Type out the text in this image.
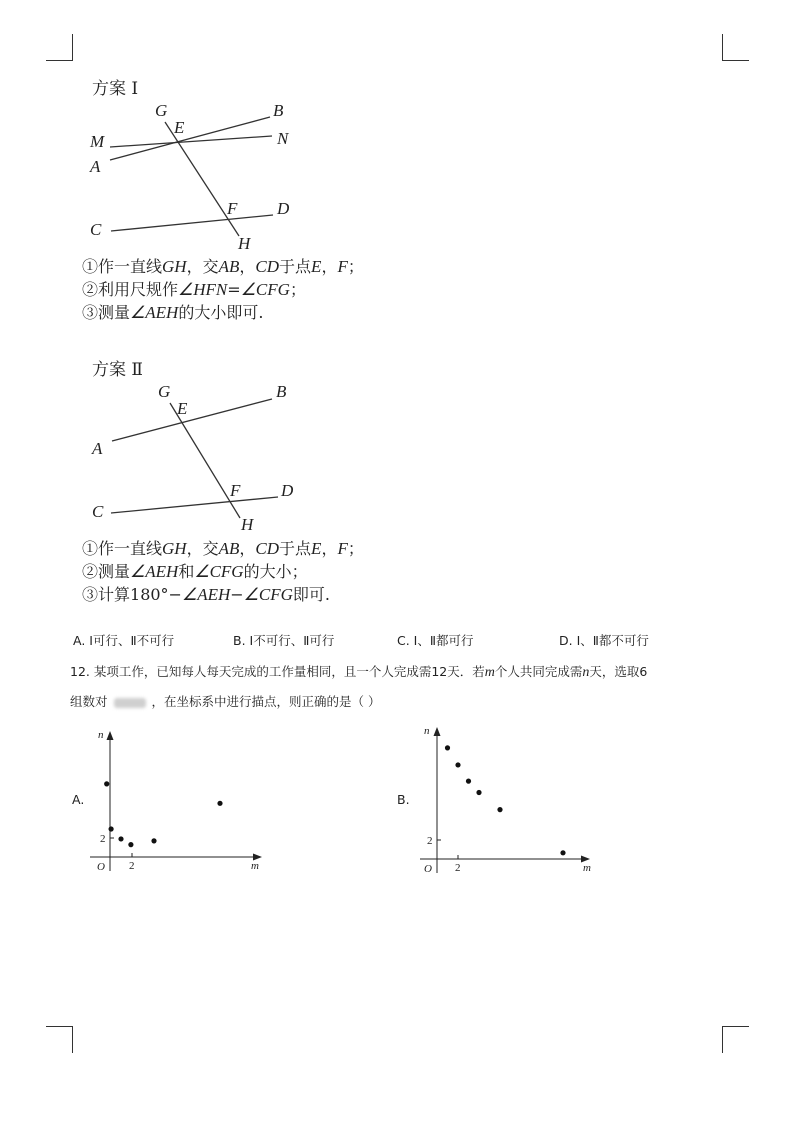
方案 Ⅰ
G
E
B
M	N
A
F D
C
H
①作一直线GH，交AB，CD于点E，F；
②利用尺规作∠HFN=∠CFG；
③测量∠AEH的大小即可.
方案 Ⅱ
G
E
B
A
F D
C
H
①作一直线GH，交AB，CD于点E，F；
②测量∠AEH和∠CFG的大小；
③计算180°−∠AEH−∠CFG即可.
A. Ⅰ可行、Ⅱ不可行	B. Ⅰ不可行、Ⅱ可行	C. Ⅰ、Ⅱ都可行	D. Ⅰ、Ⅱ都不可行
12. 某项工作，已知每人每天完成的工作量相同，且一个人完成需12天．若m个人共同完成需n天，选取6
组数对	，在坐标系中进行描点，则正确的是（ ）
A.
n
m
O 2
2
B.
n
m
O 2
2
